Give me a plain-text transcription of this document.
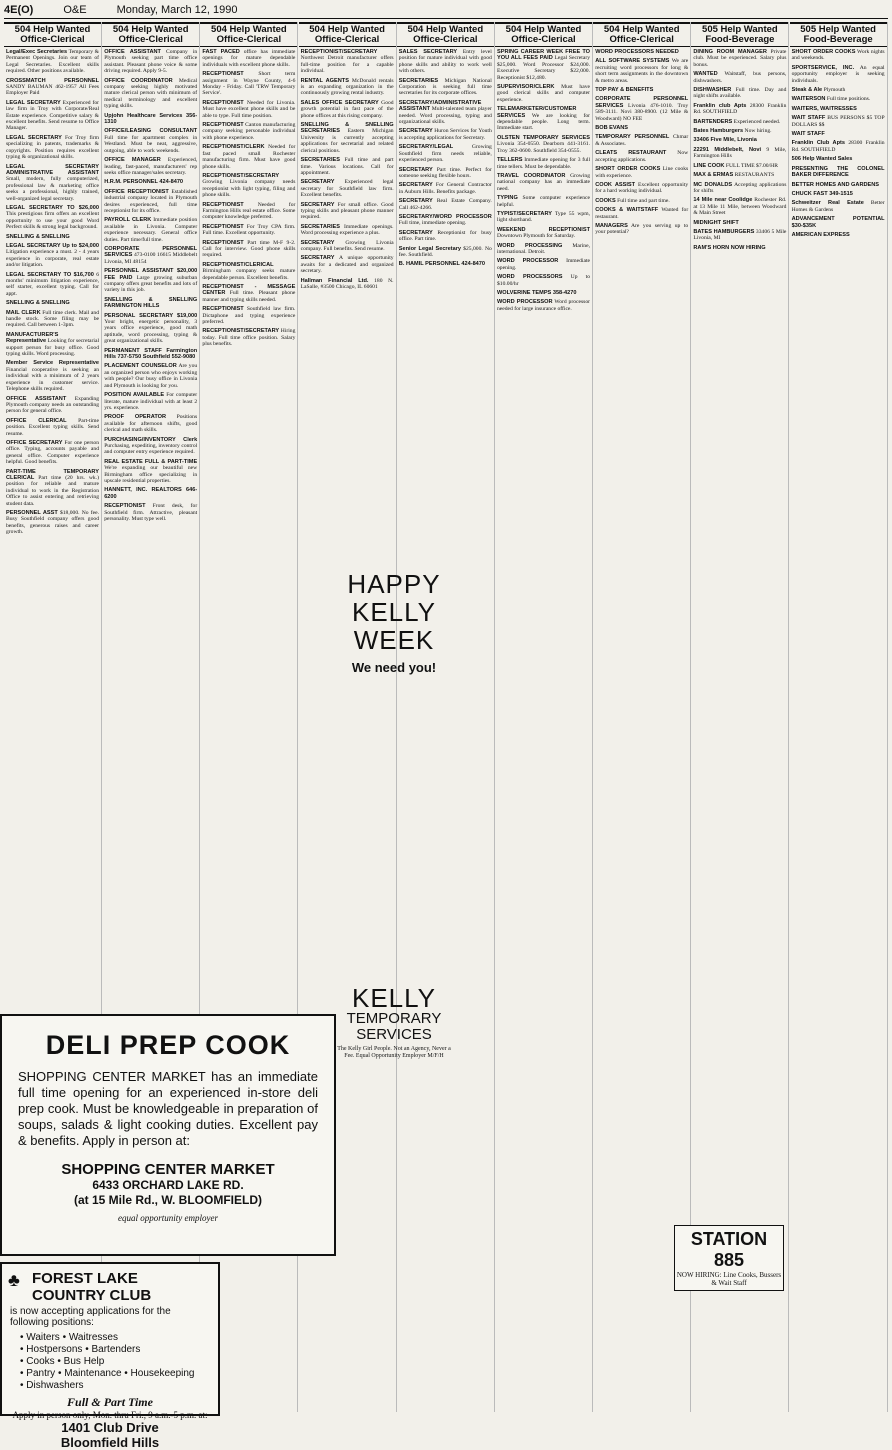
4E(O)	O&E	Monday, March 12, 1990
504 Help Wanted Office-Clerical
Legal/Exec Secretaries Temporary & Permanent Openings. Join our team of Legal Secretaries. Excellent skills required. Other positions available.
CROSSMATCH PERSONNEL SANDY BAUMAN 462-1957 All Fees Employer Paid
LEGAL SECRETARY Experienced for law firm in Troy with Corporate/Real Estate experience. Competitive salary & excellent benefits. Send resume to Office Manager.
LEGAL SECRETARY For Troy firm specializing in patents, trademarks & copyrights. Position requires excellent typing & organizational skills.
LEGAL SECRETARY ADMINISTRATIVE ASSISTANT Small, modern, fully computerized, professional law & marketing office seeks a professional, highly trained, well-organized legal secretary.
LEGAL SECRETARY TO $26,000 This prestigious firm offers an excellent opportunity to use your good Word Perfect skills & strong legal background.
SNELLING & SNELLING
LEGAL SECRETARY Up to $24,000 Litigation experience a must. 2 - 4 years experience in corporate, real estate and/or litigation.
LEGAL SECRETARY TO $16,700 6 months' minimum litigation experience, self starter, excellent typing. Call for appt.
SNELLING & SNELLING
MAIL CLERK Full time clerk. Mail and handle stock. Some filing may be required. Call between 1-3pm.
MANUFACTURER'S Representative Looking for secretarial support person for busy office. Good typing skills. Word processing.
Member Service Representative Financial cooperative is seeking an individual with a minimum of 2 years experience in customer service. Telephone skills required.
OFFICE ASSISTANT Expanding Plymouth company needs an outstanding person for general office.
OFFICE CLERICAL Part-time position. Excellent typing skills. Send resume.
OFFICE SECRETARY For one person office. Typing, accounts payable and general office. Computer experience helpful. Good benefits.
PART-TIME TEMPORARY CLERICAL Part time (20 hrs. wk.) position for reliable and mature individual to work in the Registration Office to assist entering and retrieving student data.
PERSONNEL ASST $18,000. No fee. Busy Southfield company offers good benefits, generous raises and career growth.
504 Help Wanted Office-Clerical
OFFICE ASSISTANT Company in Plymouth seeking part time office assistant. Pleasant phone voice & some driving required. Apply 9-5.
OFFICE COORDINATOR Medical company seeking highly motivated mature clerical person with minimum of medical terminology and excellent typing skills.
Upjohn Healthcare Services 356-1310
OFFICE/LEASING CONSULTANT Full time for apartment complex in Westland. Must be neat, aggressive, outgoing, able to work weekends.
OFFICE MANAGER Experienced, leading, fast-paced, manufacturers' rep seeks office manager/sales secretary.
H.R.M. PERSONNEL 424-8470
OFFICE RECEPTIONIST Established industrial company located in Plymouth desires experienced, full time receptionist for its office.
PAYROLL CLERK Immediate position available in Livonia. Computer experience necessary. General office duties. Part time/full time.
CORPORATE PERSONNEL SERVICES 473-0100 16615 Middlebelt Livonia, MI 48154
PERSONNEL ASSISTANT $20,000 FEE PAID Large growing suburban company offers great benefits and lots of variety in this job.
SNELLING & SNELLING FARMINGTON HILLS
PERSONAL SECRETARY $19,000 Your bright, energetic personality, 3 years office experience, good math aptitude, word processing, typing & great organizational skills.
PERMANENT STAFF Farmington Hills 737-5750 Southfield 552-9080
PLACEMENT COUNSELOR Are you an organized person who enjoys working with people? Our busy office in Livonia and Plymouth is looking for you.
POSITION AVAILABLE For computer literate, mature individual with at least 2 yrs. experience.
PROOF OPERATOR Positions available for afternoon shifts, good clerical and math skills.
PURCHASING/INVENTORY Clerk Purchasing, expediting, inventory control and computer entry experience required.
REAL ESTATE FULL & PART-TIME We're expanding our beautiful new Birmingham office specializing in upscale residential properties.
HANNETT, INC. REALTORS 646-6200
RECEPTIONIST Front desk, for Southfield firm. Attractive, pleasant personality. Must type well.
504 Help Wanted Office-Clerical
FAST PACED office has immediate openings for mature dependable individuals with excellent phone skills.
RECEPTIONIST	Short term assignment in Wayne County, 4-6 Monday - Friday. Call 'TRW Temporary Service'.
RECEPTIONIST Needed for Livonia. Must have excellent phone skills and be able to type. Full time position.
RECEPTIONIST Canton manufacturing company seeking personable individual with phone experience.
RECEPTIONIST/CLERK Needed for fast paced small Rochester manufacturing firm. Must have good phone skills.
RECEPTIONIST/SECRETARY Growing Livonia company needs receptionist with light typing, filing and phone skills.
RECEPTIONIST	Needed for Farmington Hills real estate office. Some computer knowledge preferred.
RECEPTIONIST For Troy CPA firm. Full time. Excellent opportunity.
RECEPTIONIST Part time M-F 9-2. Call for interview. Good phone skills required.
RECEPTIONIST/CLERICAL Birmingham company seeks mature dependable person. Excellent benefits.
RECEPTIONIST - MESSAGE CENTER Full time. Pleasant phone manner and typing skills needed.
RECEPTIONIST Southfield law firm. Dictaphone and typing experience preferred.
RECEPTIONIST/SECRETARY Hiring today. Full time office position. Salary plus benefits.
504 Help Wanted Office-Clerical
RECEPTIONIST/SECRETARY Northwest Detroit manufacturer offers full-time position for a capable individual.
RENTAL AGENTS McDonald rentals is an expanding organization in the continuously growing rental industry.
SALES OFFICE SECRETARY Good growth potential in fast pace of the phone offices at this rising company.
SNELLING & SNELLING SECRETARIES Eastern Michigan University is currently accepting applications for secretarial and related clerical positions.
SECRETARIES Full time and part time. Various locations. Call for appointment.
SECRETARY Experienced legal secretary for Southfield law firm. Excellent benefits.
SECRETARY For small office. Good typing skills and pleasant phone manner required.
SECRETARIES Immediate openings. Word processing experience a plus.
SECRETARY Growing Livonia company. Full benefits. Send resume.
SECRETARY A unique opportunity awaits for a dedicated and organized secretary.
Hallman Financial Ltd. 180 N. LaSalle, #3500 Chicago, IL 60601
504 Help Wanted Office-Clerical
SALES SECRETARY Entry level position for mature individual with good phone skills and ability to work well with others.
SECRETARIES Michigan National Corporation is seeking full time secretaries for its corporate offices.
SECRETARY/ADMINISTRATIVE ASSISTANT Multi-talented team player needed. Word processing, typing and organizational skills.
SECRETARY Huron Services for Youth is accepting applications for Secretary.
SECRETARY/LEGAL	Growing Southfield firm needs reliable, experienced person.
SECRETARY Part time. Perfect for someone seeking flexible hours.
SECRETARY For General Contractor in Auburn Hills. Benefits package.
SECRETARY Real Estate Company. Call 462-4266.
SECRETARY/WORD PROCESSOR Full time, immediate opening.
SECRETARY Receptionist for busy office. Part time.
Senior Legal Secretary $25,000. No fee. Southfield.
B. HAMIL PERSONNEL 424-8470
504 Help Wanted Office-Clerical
SPRING CAREER WEEK FREE TO YOU ALL FEES PAID Legal Secretary $25,000. Word Processor $24,000. Executive Secretary $22,000. Receptionist $12,480.
SUPERVISOR/CLERK Must have good clerical skills and computer experience.
TELEMARKETER/CUSTOMER SERVICES We are looking for dependable people. Long term. Immediate start.
OLSTEN TEMPORARY SERVICES Livonia 354-0550. Dearborn 441-3161. Troy 362-0600. Southfield 354-0555.
TELLERS Immediate opening for 3 full time tellers. Must be dependable.
TRAVEL COORDINATOR Growing national company has an immediate need.
TYPING Some computer experience helpful.
TYPIST/SECRETARY Type 55 wpm, light shorthand.
WEEKEND RECEPTIONIST Downtown Plymouth for Saturday.
WORD PROCESSING Marine, international. Detroit.
WORD PROCESSOR Immediate opening.
WORD PROCESSORS Up to $10.00/hr
WOLVERINE TEMPS 358-4270
WORD PROCESSOR Word processor needed for large insurance office.
504 Help Wanted Office-Clerical
WORD PROCESSORS NEEDED
ALL SOFTWARE SYSTEMS We are recruiting word processors for long & short term assignments in the downtown & metro areas.
TOP PAY & BENEFITS
CORPORATE PERSONNEL SERVICES Livonia 476-1010. Troy 589-3111. Novi 380-8900. (12 Mile & Woodward) NO FEE
BOB EVANS
TEMPORARY PERSONNEL Chmar & Associates.
CLEATS RESTAURANT Now accepting applications.
SHORT ORDER COOKS Line cooks with experience.
COOK ASSIST Excellent opportunity for a hard working individual.
COOKS Full time and part time.
COOKS & WAITSTAFF Wanted for restaurant.
MANAGERS Are you serving up to your potential?
505 Help Wanted Food-Beverage
DINING ROOM MANAGER Private club. Must be experienced. Salary plus bonus.
WANTED Waitstaff, bus persons, dishwashers.
DISHWASHER Full time. Day and night shifts available.
Franklin club Apts 28300 Franklin Rd. SOUTHFIELD
BARTENDERS Experienced needed.
Bates Hamburgers Now hiring.
33406 Five Mile, Livonia
22291 Middlebelt, Novi 9 Mile, Farmington Hills
LINE COOK FULL TIME $7.00/HR
MAX & ERMAS RESTAURANTS
MC DONALDS Accepting applications for shifts
14 Mile near Coolidge Rochester Rd. at 13 Mile 11 Mile, between Woodward & Main Street
MIDNIGHT SHIFT
BATES HAMBURGERS 33406 5 Mile Livonia, MI
RAM'S HORN NOW HIRING
505 Help Wanted Food-Beverage
SHORT ORDER COOKS Work nights and weekends.
SPORTSERVICE, INC. An equal opportunity employer is seeking individuals.
Steak & Ale Plymouth
WAITERSON Full time positions.
WAITERS, WAITRESSES
WAIT STAFF BUS PERSONS $5 TOP DOLLARS $$
WAIT STAFF
Franklin Club Apts 28300 Franklin Rd. SOUTHFIELD
506 Help Wanted Sales
PRESENTING THE COLONEL BAKER DIFFERENCE
BETTER HOMES AND GARDENS
CHUCK FAST 349-1515
Schweitzer Real Estate Better Homes & Gardens
ADVANCEMENT POTENTIAL $30-$35K
AMERICAN EXPRESS
DELI PREP COOK
SHOPPING CENTER MARKET has an immediate full time opening for an experienced in-store deli prep cook. Must be knowledgeable in preparation of soups, salads & light cooking duties. Excellent pay & benefits. Apply in person at:
SHOPPING CENTER MARKET
6433 ORCHARD LAKE RD.
(at 15 Mile Rd., W. BLOOMFIELD)
equal opportunity employer
♣ FOREST LAKE COUNTRY CLUB
is now accepting applications for the following positions:
• Waiters • Waitresses
• Hostpersons • Bartenders
• Cooks • Bus Help
• Pantry • Maintenance • Housekeeping
• Dishwashers
Full & Part Time
Apply in person only, Mon. thru Fri., 9 a.m.-5 p.m. at:
1401 Club Drive
Bloomfield Hills
HAPPY
KELLY
WEEK
We need you!
KELLY
TEMPORARY
SERVICES
The Kelly Girl People. Not an Agency, Never a Fee. Equal Opportunity Employer M/F/H
STATION 885
NOW HIRING: Line Cooks, Bussers & Wait Staff
